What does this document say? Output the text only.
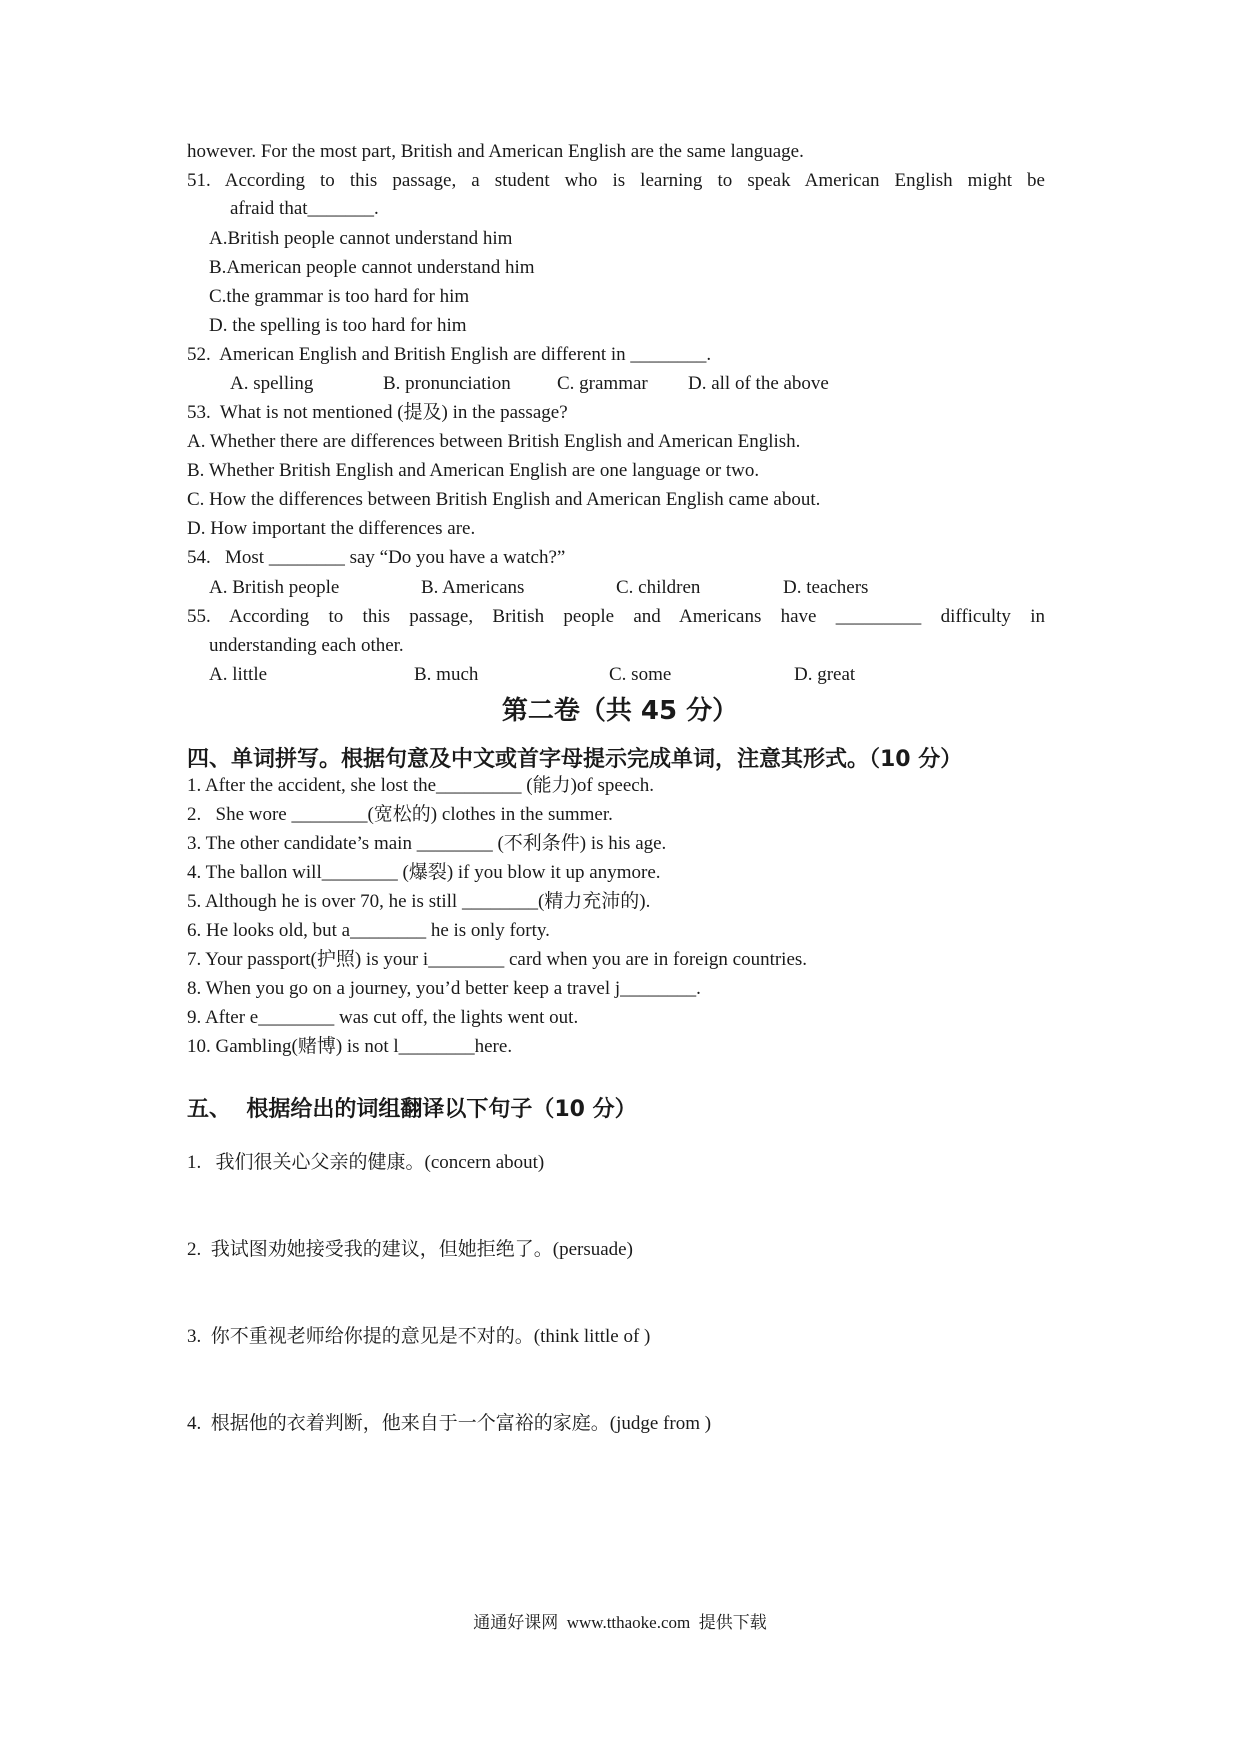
however. For the most part, British and American English are the same language.
51. According to this passage, a student who is learning to speak American English might be
afraid that_______.
A.British people cannot understand him
B.American people cannot understand him
C.the grammar is too hard for him
D. the spelling is too hard for him
52.  American English and British English are different in ________.
A. spelling	B. pronunciation C. grammar D. all of the above
53.  What is not mentioned (提及) in the passage?
A. Whether there are differences between British English and American English.
B. Whether British English and American English are one language or two.
C. How the differences between British English and American English came about.
D. How important the differences are.
54.   Most ________ say “Do you have a watch?”
A. British people	B. Americans	C. children	D. teachers
55. According to this passage, British people and Americans have _________ difficulty in
understanding each other.
A. little	B. much	C. some	D. great
第二卷（共 45 分）
四、单词拼写。根据句意及中文或首字母提示完成单词，注意其形式。（10 分）
1. After the accident, she lost the_________ (能力)of speech.
2.   She wore ________(宽松的) clothes in the summer.
3. The other candidate’s main ________ (不利条件) is his age.
4. The ballon will________ (爆裂) if you blow it up anymore.
5. Although he is over 70, he is still ________(精力充沛的).
6. He looks old, but a________ he is only forty.
7. Your passport(护照) is your i________ card when you are in foreign countries.
8. When you go on a journey, you’d better keep a travel j________.
9. After e________ was cut off, the lights went out.
10. Gambling(赌博) is not l________here.
五、  根据给出的词组翻译以下句子（10 分）
1.   我们很关心父亲的健康。(concern about)
2.  我试图劝她接受我的建议，但她拒绝了。(persuade)
3.  你不重视老师给你提的意见是不对的。(think little of )
4.  根据他的衣着判断，他来自于一个富裕的家庭。(judge from )
通通好课网  www.tthaoke.com  提供下载
